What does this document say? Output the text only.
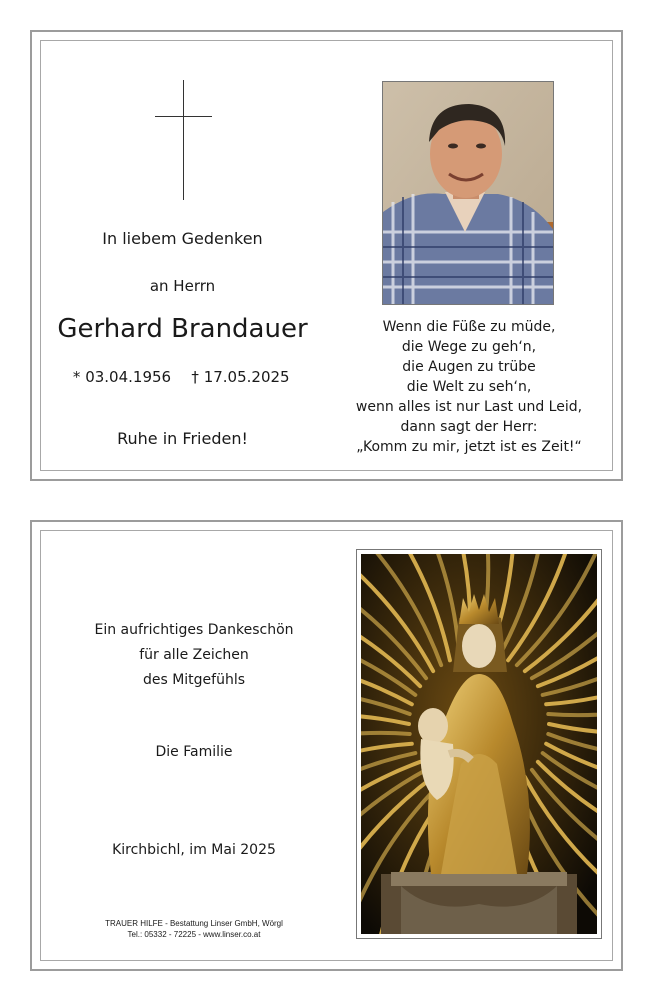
In liebem Gedenken
an Herrn
Gerhard Brandauer
* 03.04.1956 † 17.05.2025
Ruhe in Frieden!

Wenn die Füße zu müde,

die Wege zu geh‘n,

die Augen zu trübe

die Welt zu seh‘n,

wenn alles ist nur Last und Leid,

dann sagt der Herr:

„Komm zu mir, jetzt ist es Zeit!“

Ein aufrichtiges Dankeschön
für alle Zeichen
des Mitgefühls
Die Familie
Kirchbichl, im Mai 2025
TRAUER HILFE - Bestattung Linser GmbH, Wörgl
Tel.: 05332 - 72225 - www.linser.co.at
